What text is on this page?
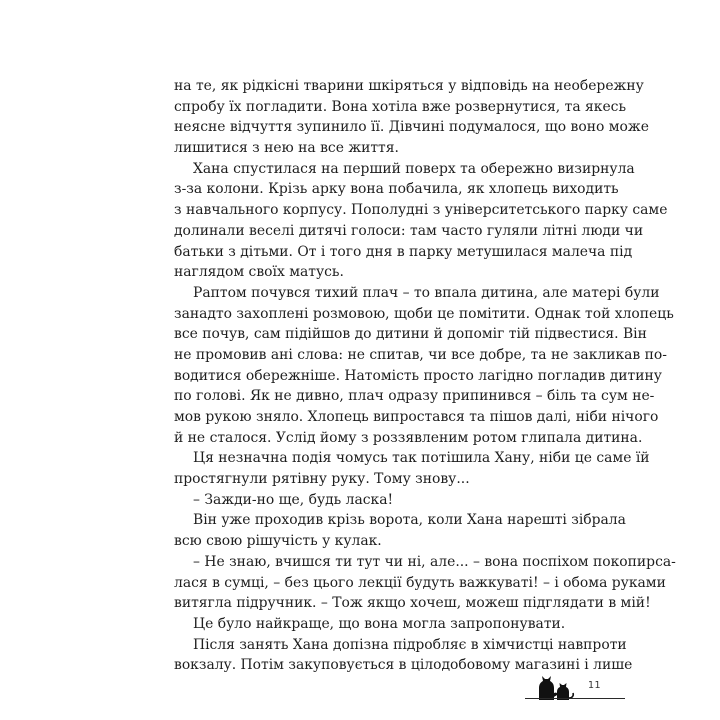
на те, як рідкісні тварини шкіряться у відповідь на необережну
спробу їх погладити. Вона хотіла вже розвернутися, та якесь
неясне відчуття зупинило її. Дівчині подумалося, що воно може
лишитися з нею на все життя.
Хана спустилася на перший поверх та обережно визирнула
з-за колони. Крізь арку вона побачила, як хлопець виходить
з навчального корпусу. Пополудні з університетського парку саме
долинали веселі дитячі голоси: там часто гуляли літні люди чи
батьки з дітьми. От і того дня в парку метушилася малеча під
наглядом своїх матусь.
Раптом почувся тихий плач – то впала дитина, але матері були
занадто захоплені розмовою, щоби це помітити. Однак той хлопець
все почув, сам підійшов до дитини й допоміг тій підвестися. Він
не промовив ані слова: не спитав, чи все добре, та не закликав по-
водитися обережніше. Натомість просто лагідно погладив дитину
по голові. Як не дивно, плач одразу припинився – біль та сум не-
мов рукою зняло. Хлопець випростався та пішов далі, ніби нічого
й не сталося. Услід йому з роззявленим ротом глипала дитина.
Ця незначна подія чомусь так потішила Хану, ніби це саме їй
простягнули рятівну руку. Тому знову...
– Зажди-но ще, будь ласка!
Він уже проходив крізь ворота, коли Хана нарешті зібрала
всю свою рішучість у кулак.
– Не знаю, вчишся ти тут чи ні, але... – вона поспіхом покопирса-
лася в сумці, – без цього лекції будуть важкуваті! – і обома руками
витягла підручник. – Тож якщо хочеш, можеш підглядати в мій!
Це було найкраще, що вона могла запропонувати.
Після занять Хана допізна підробляє в хімчистці навпроти
вокзалу. Потім закуповується в цілодобовому магазині і лише
11
